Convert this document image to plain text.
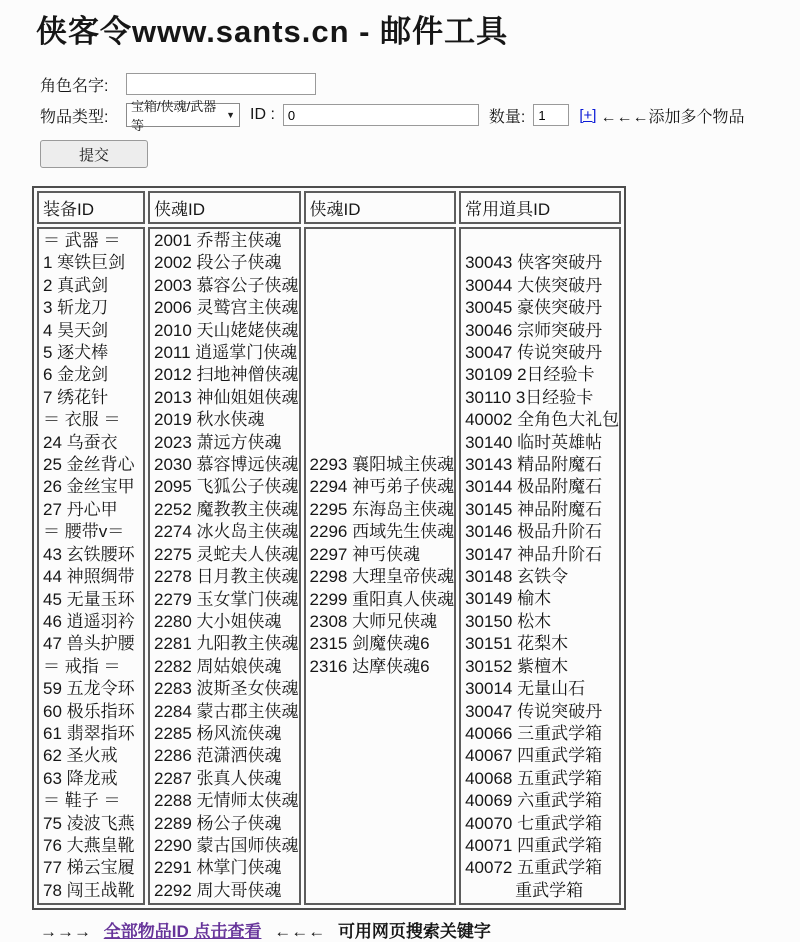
侠客令www.sants.cn - 邮件工具
角色名字:
物品类型:
宝箱/侠魂/武器等
▼ ID :
0	数量:
1	[+] ←←←添加多个物品
提交
装备ID	侠魂ID	侠魂ID	常用道具ID

＝ 武器 ＝
1 寒铁巨剑
2 真武剑
3 斩龙刀
4 昊天剑
5 逐犬棒
6 金龙剑
7 绣花针
＝ 衣服 ＝
24 乌蚕衣
25 金丝背心
26 金丝宝甲
27 丹心甲
＝ 腰带v＝
43 玄铁腰环
44 神照绸带
45 无量玉环
46 逍遥羽衿
47 兽头护腰
＝ 戒指 ＝
59 五龙令环
60 极乐指环
61 翡翠指环
62 圣火戒
63 降龙戒
＝ 鞋子 ＝
75 凌波飞燕
76 大燕皇靴
77 梯云宝履
78 闯王战靴

2001 乔帮主侠魂
2002 段公子侠魂
2003 慕容公子侠魂
2006 灵鹫宫主侠魂
2010 天山姥姥侠魂
2011 逍遥掌门侠魂
2012 扫地神僧侠魂
2013 神仙姐姐侠魂
2019 秋水侠魂
2023 萧远方侠魂
2030 慕容博远侠魂
2095 飞狐公子侠魂
2252 魔教教主侠魂
2274 冰火岛主侠魂
2275 灵蛇夫人侠魂
2278 日月教主侠魂
2279 玉女掌门侠魂
2280 大小姐侠魂
2281 九阳教主侠魂
2282 周姑娘侠魂
2283 波斯圣女侠魂
2284 蒙古郡主侠魂
2285 杨风流侠魂
2286 范潇洒侠魂
2287 张真人侠魂
2288 无情师太侠魂
2289 杨公子侠魂
2290 蒙古国师侠魂
2291 林掌门侠魂
2292 周大哥侠魂

2293 襄阳城主侠魂
2294 神丐弟子侠魂
2295 东海岛主侠魂
2296 西域先生侠魂
2297 神丐侠魂
2298 大理皇帝侠魂
2299 重阳真人侠魂
2308 大师兄侠魂
2315 剑魔侠魂6
2316 达摩侠魂6

30043 侠客突破丹
30044 大侠突破丹
30045 豪侠突破丹
30046 宗师突破丹
30047 传说突破丹
30109 2日经验卡
30110 3日经验卡
40002 全角色大礼包
30140 临时英雄帖
30143 精品附魔石
30144 极品附魔石
30145 神品附魔石
30146 极品升阶石
30147 神品升阶石
30148 玄铁令
30149 榆木
30150 松木
30151 花梨木
30152 紫檀木
30014 无量山石
30047 传说突破丹
40066 三重武学箱
40067 四重武学箱
40068 五重武学箱
40069 六重武学箱
40070 七重武学箱
40071 四重武学箱
40072 五重武学箱
重武学箱
→→→ 全部物品ID 点击查看 ←←← 可用网页搜索关键字
